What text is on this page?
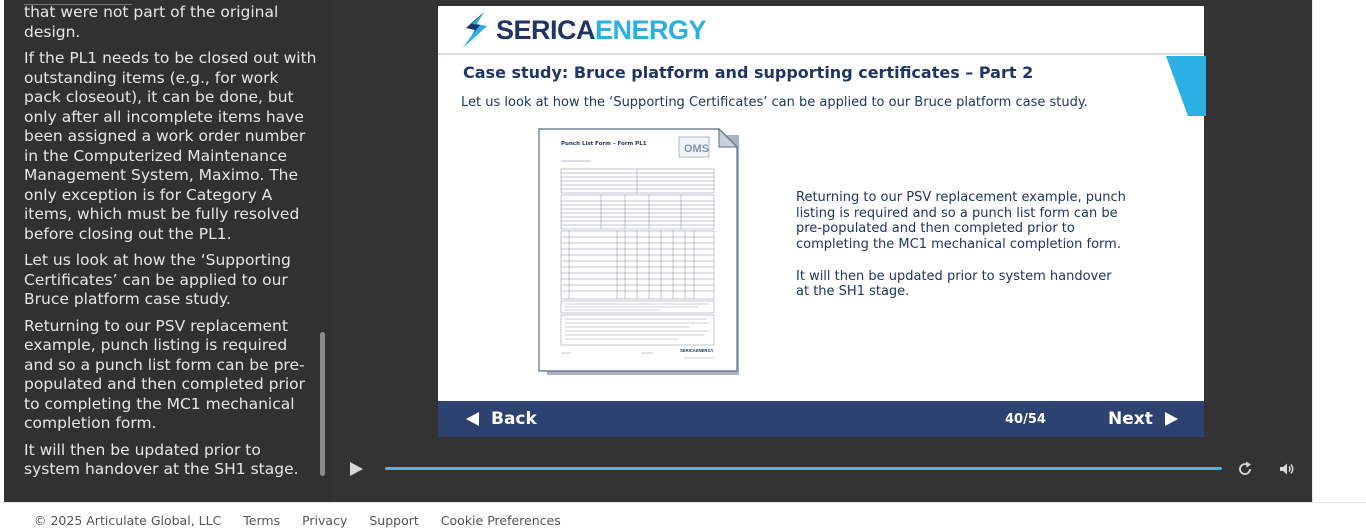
that were not part of the original design.

If the PL1 needs to be closed out with outstanding items (e.g., for work pack closeout), it can be done, but only after all incomplete items have been assigned a work order number in the Computerized Maintenance Management System, Maximo. The only exception is for Category A items, which must be fully resolved before closing out the PL1.

Let us look at how the ‘Supporting Certificates’ can be applied to our Bruce platform case study.

Returning to our PSV replacement example, punch listing is required and so a punch list form can be pre-populated and then completed prior to completing the MC1 mechanical completion form.

It will then be updated prior to system handover at the SH1 stage.

SERICAENERGY
Case study: Bruce platform and supporting certificates – Part 2
Let us look at how the ‘Supporting Certificates’ can be applied to our Bruce platform case study.
Punch List Form – Form PL1	OMS
SERICAENERGY

Returning to our PSV replacement example, punch listing is required and so a punch list form can be pre-populated and then completed prior to completing the MC1 mechanical completion form.

It will then be updated prior to system handover at the SH1 stage.

Back	40/54	Next
© 2025 Articulate Global, LLC Terms Privacy Support Cookie Preferences
